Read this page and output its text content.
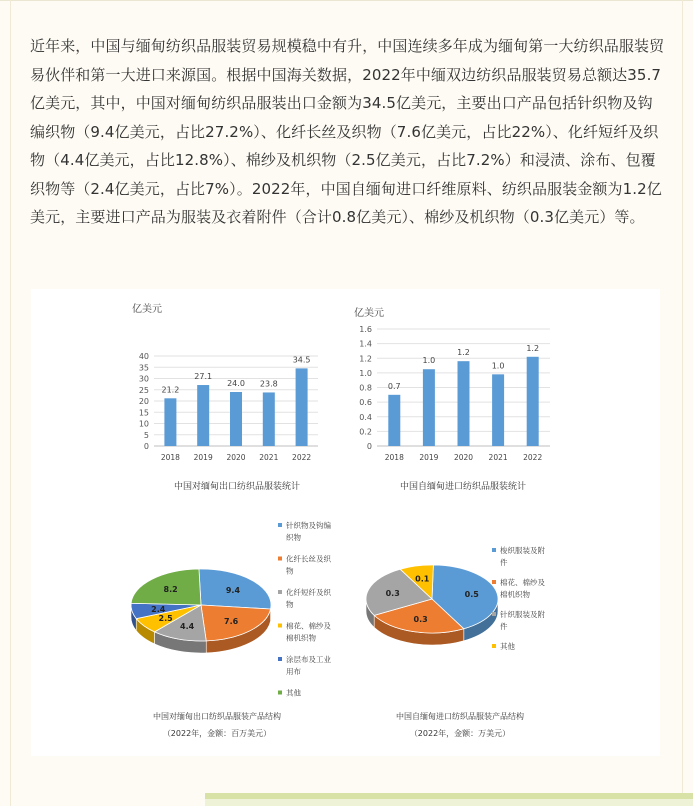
近年来，中国与缅甸纺织品服装贸易规模稳中有升，中国连续多年成为缅甸第一大纺织品服装贸易伙伴和第一大进口来源国。根据中国海关数据，2022年中缅双边纺织品服装贸易总额达35.7亿美元，其中，中国对缅甸纺织品服装出口金额为34.5亿美元，主要出口产品包括针织物及钩编织物（9.4亿美元，占比27.2%）、化纤长丝及织物（7.6亿美元，占比22%）、化纤短纤及织物（4.4亿美元，占比12.8%）、棉纱及机织物（2.5亿美元，占比7.2%）和浸渍、涂布、包覆织物等（2.4亿美元，占比7%）。2022年，中国自缅甸进口纤维原料、纺织品服装金额为1.2亿美元，主要进口产品为服装及衣着附件（合计0.8亿美元）、棉纱及机织物（0.3亿美元）等。

亿美元
0
5
10
15
20
25
30
35
40
21.2
2018
27.1
2019
24.0
2020
23.8
2021
34.5
2022
中国对缅甸出口纺织品服装统计
亿美元
0
0.2
0.4
0.6
0.8
1.0
1.2
1.4
1.6
0.7
2018
1.0
2019
1.2
2020
1.0
2021
1.2
2022
中国自缅甸进口纺织品服装统计
9.4
7.6
4.4
2.5
2.4
8.2
针织物及钩编
织物
化纤长丝及织
物
化纤短纤及织
物
棉花、棉纱及
棉机织物
涂层布及工业
用布
其他
中国对缅甸出口纺织品服装产品结构
（2022年，金额：百万美元）
0.5
0.3
0.3
0.1
梭织服装及附
件
棉花、棉纱及
棉机织物
针织服装及附
件
其他
中国自缅甸进口纺织品服装产品结构
（2022年，金额：万美元）
